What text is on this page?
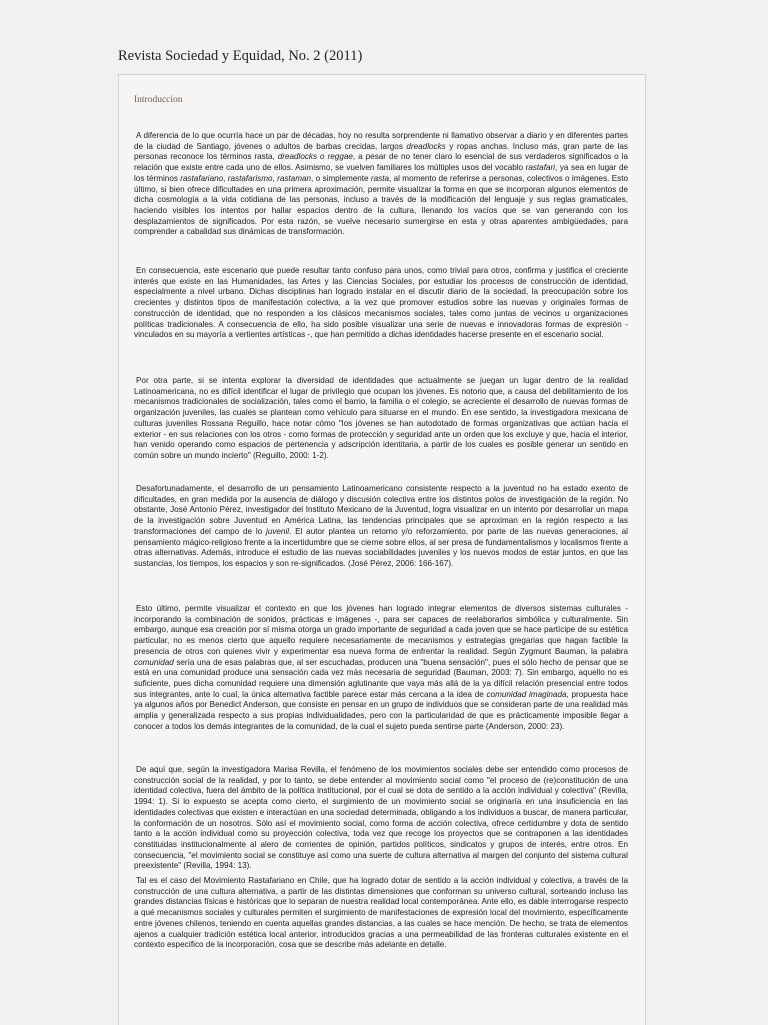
Revista Sociedad y Equidad, No. 2 (2011)
Introduccion
A diferencia de lo que ocurría hace un par de décadas, hoy no resulta sorprendente ni llamativo observar a diario y en diferentes partes de la ciudad de Santiago, jóvenes o adultos de barbas crecidas, largos dreadlocks y ropas anchas. Incluso más, gran parte de las personas reconoce los términos rasta, dreadlocks o reggae, a pesar de no tener claro lo esencial de sus verdaderos significados o la relación que existe entre cada uno de ellos. Asimismo, se vuelven familiares los múltiples usos del vocablo rastafari, ya sea en lugar de los términos rastafariano, rastafarismo, rastaman, o simplemente rasta, al momento de referirse a personas, colectivos o imágenes. Esto último, si bien ofrece dificultades en una primera aproximación, permite visualizar la forma en que se incorporan algunos elementos de dicha cosmología a la vida cotidiana de las personas, incluso a través de la modificación del lenguaje y sus reglas gramaticales, haciendo visibles los intentos por hallar espacios dentro de la cultura, llenando los vacíos que se van generando con los desplazamientos de significados. Por esta razón, se vuelve necesario sumergirse en esta y otras aparentes ambigüedades, para comprender a cabalidad sus dinámicas de transformación.
En consecuencia, este escenario que puede resultar tanto confuso para unos, como trivial para otros, confirma y justifica el creciente interés que existe en las Humanidades, las Artes y las Ciencias Sociales, por estudiar los procesos de construcción de identidad, especialmente a nivel urbano. Dichas disciplinas han logrado instalar en el discutir diario de la sociedad, la preocupación sobre los crecientes y distintos tipos de manifestación colectiva, a la vez que promover estudios sobre las nuevas y originales formas de construcción de identidad, que no responden a los clásicos mecanismos sociales, tales como juntas de vecinos u organizaciones políticas tradicionales. A consecuencia de ello, ha sido posible visualizar una serie de nuevas e innovadoras formas de expresión - vinculados en su mayoría a vertientes artísticas -, que han permitido a dichas identidades hacerse presente en el escenario social.
Por otra parte, si se intenta explorar la diversidad de identidades que actualmente se juegan un lugar dentro de la realidad Latinoamericana, no es difícil identificar el lugar de privilegio que ocupan los jóvenes. Es notorio que, a causa del debilitamiento de los mecanismos tradicionales de socialización, tales como el barrio, la familia o el colegio, se acreciente el desarrollo de nuevas formas de organización juveniles, las cuales se plantean como vehículo para situarse en el mundo. En ese sentido, la investigadora mexicana de culturas juveniles Rossana Reguillo, hace notar cómo "los jóvenes se han autodotado de formas organizativas que actúan hacia el exterior - en sus relaciones con los otros - como formas de protección y seguridad ante un orden que los excluye y que, hacia el interior, han venido operando como espacios de pertenencia y adscripción identitaria, a partir de los cuales es posible generar un sentido en común sobre un mundo incierto" (Reguillo, 2000: 1-2).
Desafortunadamente, el desarrollo de un pensamiento Latinoamericano consistente respecto a la juventud no ha estado exento de dificultades, en gran medida por la ausencia de diálogo y discusión colectiva entre los distintos polos de investigación de la región. No obstante, José Antonio Pérez, investigador del Instituto Mexicano de la Juventud, logra visualizar en un intento por desarrollar un mapa de la investigación sobre Juventud en América Latina, las tendencias principales que se aproximan en la región respecto a las transformaciones del campo de lo juvenil. El autor plantea un retorno y/o reforzamiento, por parte de las nuevas generaciones, al pensamiento mágico-religioso frente a la incertidumbre que se cierne sobre ellos, al ser presa de fundamentalismos y localismos frente a otras alternativas. Además, introduce el estudio de las nuevas sociabilidades juveniles y los nuevos modos de estar juntos, en que las sustancias, los tiempos, los espacios y son re-significados. (José Pérez, 2006: 166-167).
Esto último, permite visualizar el contexto en que los jóvenes han logrado integrar elementos de diversos sistemas culturales - incorporando la combinación de sonidos, prácticas e imágenes -, para ser capaces de reelaborarlos simbólica y culturalmente. Sin embargo, aunque esa creación por sí misma otorga un grado importante de seguridad a cada joven que se hace partícipe de su estética particular, no es menos cierto que aquello requiere necesariamente de mecanismos y estrategias gregarias que hagan factible la presencia de otros con quienes vivir y experimentar esa nueva forma de enfrentar la realidad. Según Zygmunt Bauman, la palabra comunidad sería una de esas palabras que, al ser escuchadas, producen una "buena sensación", pues el sólo hecho de pensar que se está en una comunidad produce una sensación cada vez más necesaria de seguridad (Bauman, 2003: 7). Sin embargo, aquello no es suficiente, pues dicha comunidad requiere una dimensión aglutinante que vaya más allá de la ya difícil relación presencial entre todos sus integrantes, ante lo cual, la única alternativa factible parece estar más cercana a la idea de comunidad imaginada, propuesta hace ya algunos años por Benedict Anderson, que consiste en pensar en un grupo de individuos que se consideran parte de una realidad más amplia y generalizada respecto a sus propias individualidades, pero con la particularidad de que es prácticamente imposible llegar a conocer a todos los demás integrantes de la comunidad, de la cual el sujeto pueda sentirse parte (Anderson, 2000: 23).
De aquí que, según la investigadora Marisa Revilla, el fenómeno de los movimientos sociales debe ser entendido como procesos de construcción social de la realidad, y por lo tanto, se debe entender al movimiento social como "el proceso de (re)constitución de una identidad colectiva, fuera del ámbito de la política institucional, por el cual se dota de sentido a la acción individual y colectiva" (Revilla, 1994: 1). Si lo expuesto se acepta como cierto, el surgimiento de un movimiento social se originaría en una insuficiencia en las identidades colectivas que existen e interactúan en una sociedad determinada, obligando a los individuos a buscar, de manera particular, la conformación de un nosotros. Sólo así el movimiento social, como forma de acción colectiva, ofrece certidumbre y dota de sentido tanto a la acción individual como su proyección colectiva, toda vez que recoge los proyectos que se contraponen a las identidades constituidas institucionalmente al alero de corrientes de opinión, partidos políticos, sindicatos y grupos de interés, entre otros. En consecuencia, "el movimiento social se constituye así como una suerte de cultura alternativa al margen del conjunto del sistema cultural preexistente" (Revilla, 1994: 13).
Tal es el caso del Movimiento Rastafariano en Chile, que ha logrado dotar de sentido a la acción individual y colectiva, a través de la construcción de una cultura alternativa, a partir de las distintas dimensiones que conforman su universo cultural, sorteando incluso las grandes distancias físicas e históricas que lo separan de nuestra realidad local contemporánea. Ante ello, es dable interrogarse respecto a qué mecanismos sociales y culturales permiten el surgimiento de manifestaciones de expresión local del movimiento, específicamente entre jóvenes chilenos, teniendo en cuenta aquellas grandes distancias, a las cuales se hace mención. De hecho, se trata de elementos ajenos a cualquier tradición estética local anterior, introducidos gracias a una permeabilidad de las fronteras culturales existente en el contexto específico de la incorporación, cosa que se describe más adelante en detalle.
